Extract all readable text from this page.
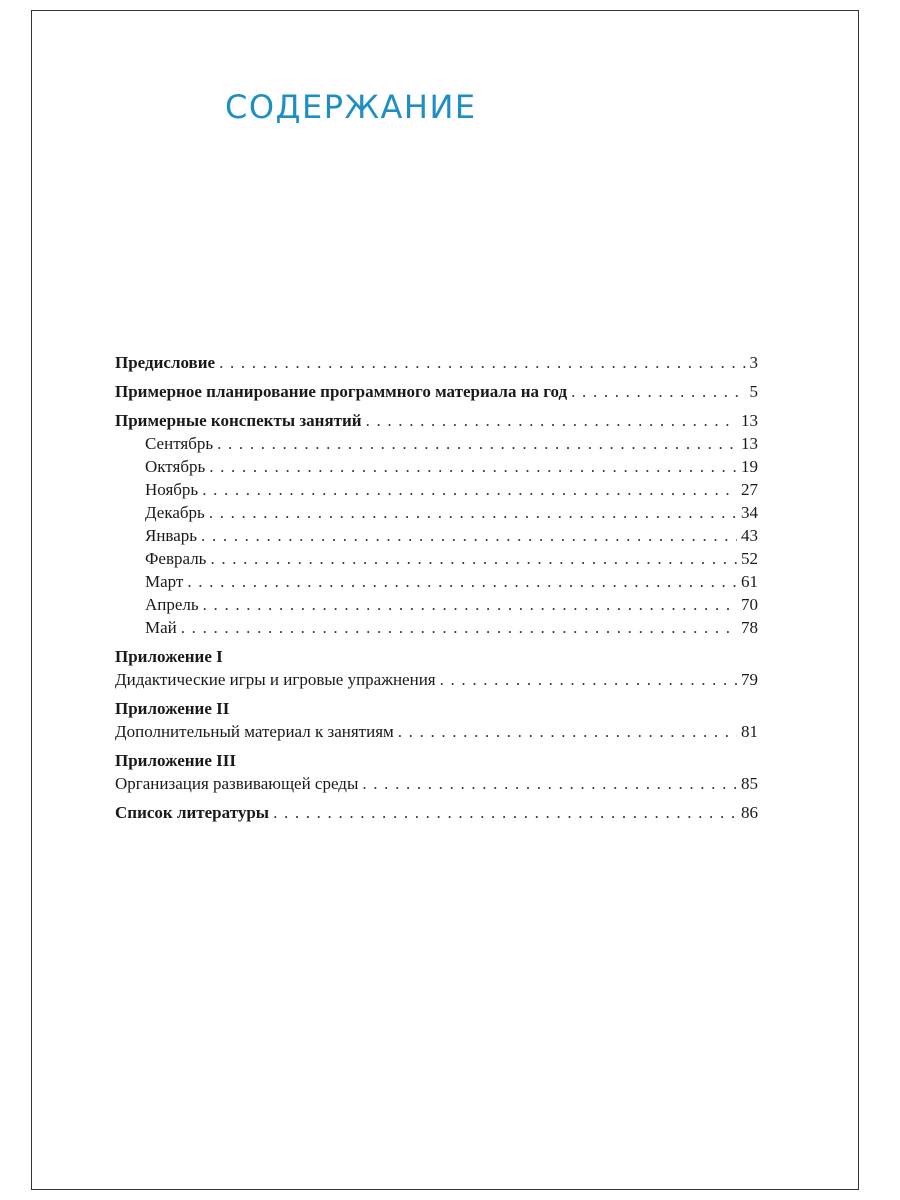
СОДЕРЖАНИЕ
Предисловие . . .	3
Примерное планирование программного материала на год . . .	5
Примерные конспекты занятий . . .	13
Сентябрь . . .	13
Октябрь . . .	19
Ноябрь . . .	27
Декабрь . . .	34
Январь . . .	43
Февраль . . .	52
Март . . .	61
Апрель . . .	70
Май . . .	78
Приложение I
Дидактические игры и игровые упражнения . . .	79
Приложение II
Дополнительный материал к занятиям . . .	81
Приложение III
Организация развивающей среды . . .	85
Список литературы . . .	86
